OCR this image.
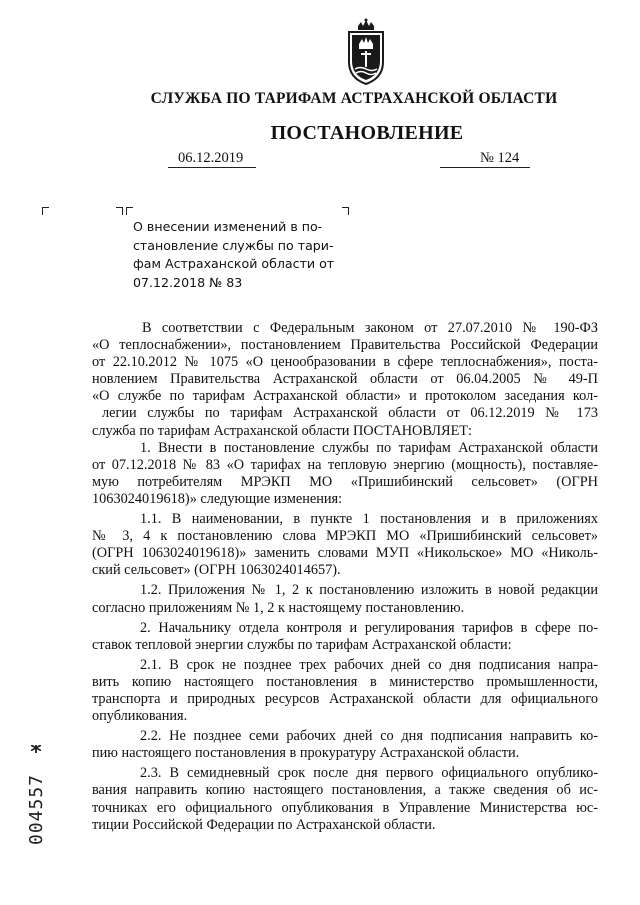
СЛУЖБА ПО ТАРИФАМ АСТРАХАНСКОЙ ОБЛАСТИ
ПОСТАНОВЛЕНИЕ
06.12.2019	№ 124
О внесении изменений в по-
становление службы по тари-
фам Астраханской области от
07.12.2018 № 83
В соответствии с Федеральным законом от 27.07.2010 № 190-ФЗ
«О теплоснабжении», постановлением Правительства Российской Федерации
от 22.10.2012 № 1075 «О ценообразовании в сфере теплоснабжения», поста-
новлением Правительства Астраханской области от 06.04.2005 № 49-П
«О службе по тарифам Астраханской области» и протоколом заседания кол-
легии службы по тарифам Астраханской области от 06.12.2019 № 173
служба по тарифам Астраханской области ПОСТАНОВЛЯЕТ:
1. Внести в постановление службы по тарифам Астраханской области
от 07.12.2018 № 83 «О тарифах на тепловую энергию (мощность), поставляе-
мую потребителям МРЭКП МО «Пришибинский сельсовет» (ОГРН
1063024019618)» следующие изменения:
1.1. В наименовании, в пункте 1 постановления и в приложениях
№ 3, 4 к постановлению слова МРЭКП МО «Пришибинский сельсовет»
(ОГРН 1063024019618)» заменить словами МУП «Никольское» МО «Николь-
ский сельсовет» (ОГРН 1063024014657).
1.2. Приложения № 1, 2 к постановлению изложить в новой редакции
согласно приложениям № 1, 2 к настоящему постановлению.
2. Начальнику отдела контроля и регулирования тарифов в сфере по-
ставок тепловой энергии службы по тарифам Астраханской области:
2.1. В срок не позднее трех рабочих дней со дня подписания напра-
вить копию настоящего постановления в министерство промышленности,
транспорта и природных ресурсов Астраханской области для официального
опубликования.
2.2. Не позднее семи рабочих дней со дня подписания направить ко-
пию настоящего постановления в прокуратуру Астраханской области.
2.3. В семидневный срок после дня первого официального опублико-
вания направить копию настоящего постановления, а также сведения об ис-
точниках его официального опубликования в Управление Министерства юс-
тиции Российской Федерации по Астраханской области.
*
004557
